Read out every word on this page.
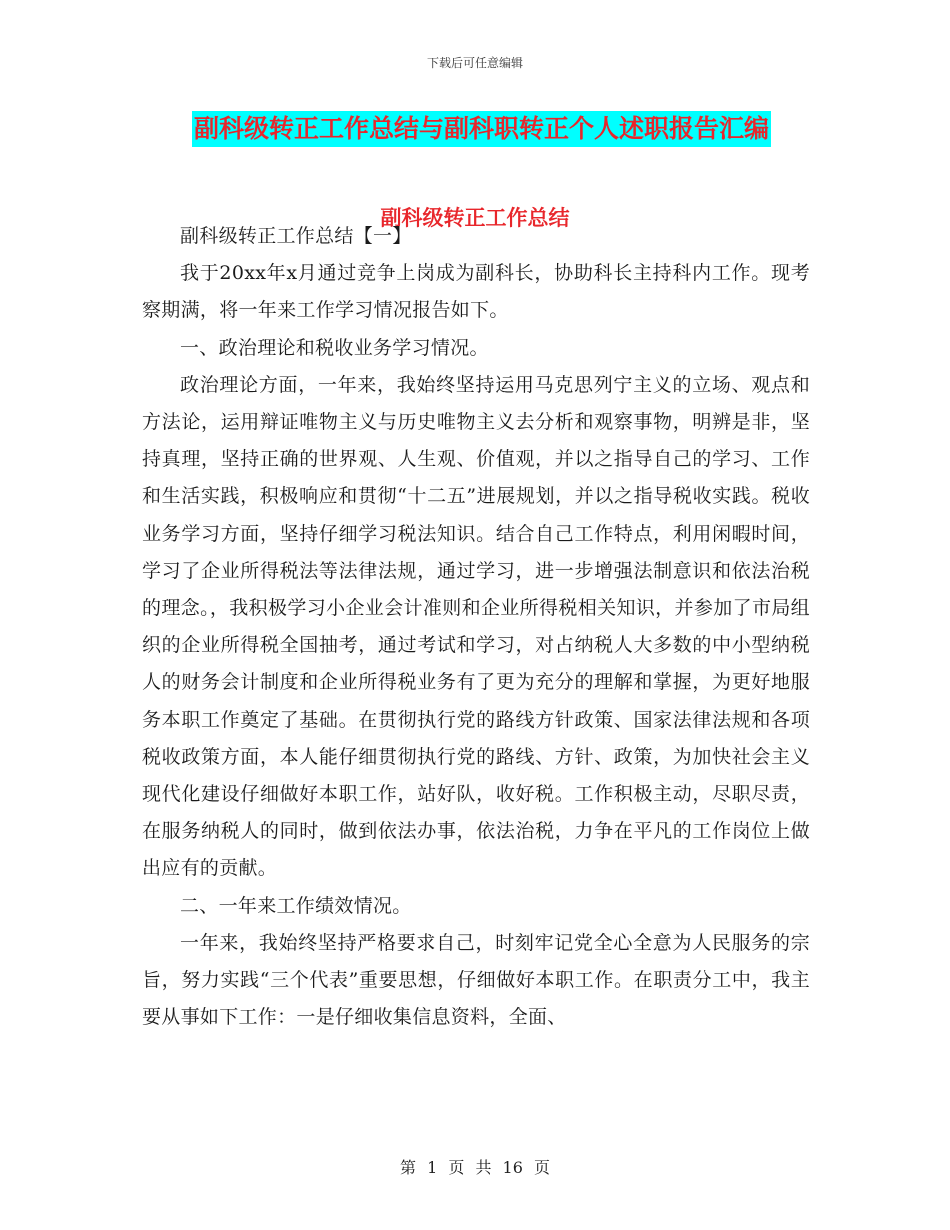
下载后可任意编辑
副科级转正工作总结与副科职转正个人述职报告汇编
副科级转正工作总结

副科级转正工作总结【一】

我于20xx年x月通过竞争上岗成为副科长，协助科长主持科内工作。现考察期满，将一年来工作学习情况报告如下。

一、政治理论和税收业务学习情况。

政治理论方面，一年来，我始终坚持运用马克思列宁主义的立场、观点和方法论，运用辩证唯物主义与历史唯物主义去分析和观察事物，明辨是非，坚持真理，坚持正确的世界观、人生观、价值观，并以之指导自己的学习、工作和生活实践，积极响应和贯彻“十二五”进展规划，并以之指导税收实践。税收业务学习方面，坚持仔细学习税法知识。结合自己工作特点，利用闲暇时间，学习了企业所得税法等法律法规，通过学习，进一步增强法制意识和依法治税的理念。，我积极学习小企业会计准则和企业所得税相关知识，并参加了市局组织的企业所得税全国抽考，通过考试和学习，对占纳税人大多数的中小型纳税人的财务会计制度和企业所得税业务有了更为充分的理解和掌握，为更好地服务本职工作奠定了基础。在贯彻执行党的路线方针政策、国家法律法规和各项税收政策方面，本人能仔细贯彻执行党的路线、方针、政策，为加快社会主义现代化建设仔细做好本职工作，站好队，收好税。工作积极主动，尽职尽责，在服务纳税人的同时，做到依法办事，依法治税，力争在平凡的工作岗位上做出应有的贡献。

二、一年来工作绩效情况。

一年来，我始终坚持严格要求自己，时刻牢记党全心全意为人民服务的宗旨，努力实践“三个代表”重要思想，仔细做好本职工作。在职责分工中，我主要从事如下工作：一是仔细收集信息资料，全面、

第 1 页 共 16 页
